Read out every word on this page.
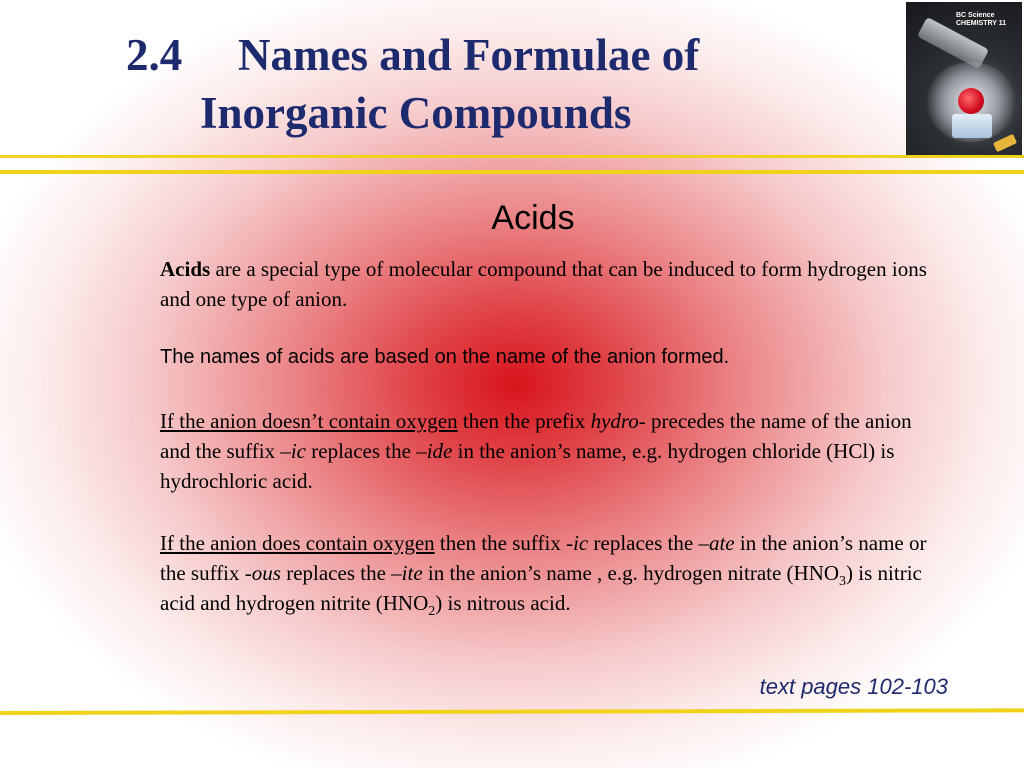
2.4 Names and Formulae of
Inorganic Compounds
BC Science
CHEMISTRY 11
Acids
Acids are a special type of molecular compound that can be induced to form hydrogen ions and one type of anion.
The names of acids are based on the name of the anion formed.
If the anion doesn’t contain oxygen then the prefix hydro- precedes the name of the anion and the suffix –ic replaces the –ide in the anion’s name, e.g. hydrogen chloride (HCl) is hydrochloric acid.
If the anion does contain oxygen then the suffix -ic replaces the –ate in the anion’s name or the suffix -ous replaces the –ite in the anion’s name , e.g. hydrogen nitrate $(HNO_3)$ is nitric acid and hydrogen nitrite $(HNO_2)$ is nitrous acid.
text pages 102-103
